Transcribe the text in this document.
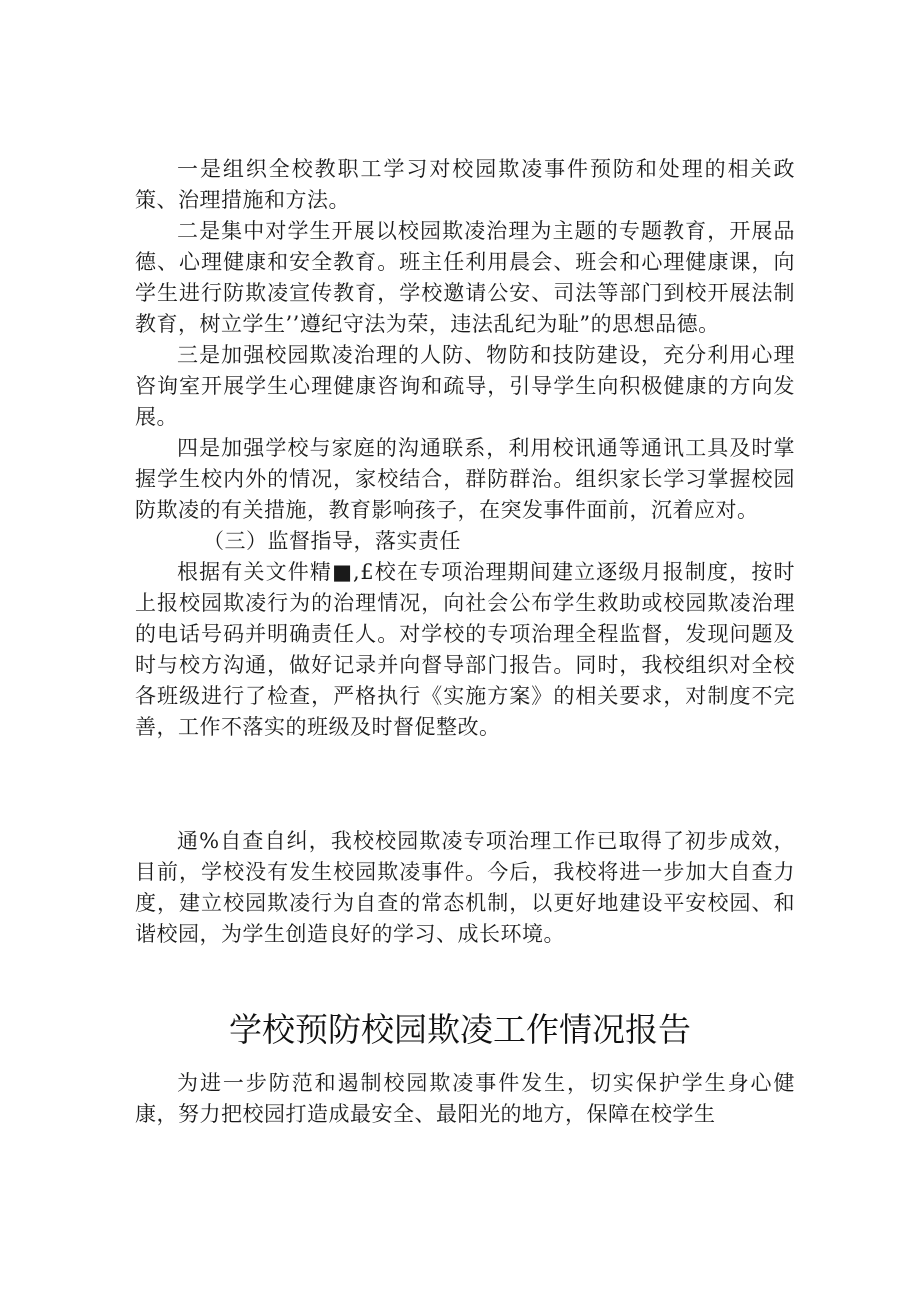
一是组织全校教职工学习对校园欺凌事件预防和处理的相关政策、治理措施和方法。

二是集中对学生开展以校园欺凌治理为主题的专题教育，开展品德、心理健康和安全教育。班主任利用晨会、班会和心理健康课，向学生进行防欺凌宣传教育，学校邀请公安、司法等部门到校开展法制教育，树立学生’’遵纪守法为荣，违法乱纪为耻”的思想品德。

三是加强校园欺凌治理的人防、物防和技防建设，充分利用心理咨询室开展学生心理健康咨询和疏导，引导学生向积极健康的方向发展。

四是加强学校与家庭的沟通联系，利用校讯通等通讯工具及时掌握学生校内外的情况，家校结合，群防群治。组织家长学习掌握校园防欺凌的有关措施，教育影响孩子，在突发事件面前，沉着应对。

（三）监督指导，落实责任

根据有关文件精■,£校在专项治理期间建立逐级月报制度，按时上报校园欺凌行为的治理情况，向社会公布学生救助或校园欺凌治理的电话号码并明确责任人。对学校的专项治理全程监督，发现问题及时与校方沟通，做好记录并向督导部门报告。同时，我校组织对全校各班级进行了检查，严格执行《实施方案》的相关要求，对制度不完善，工作不落实的班级及时督促整改。

通%自查自纠，我校校园欺凌专项治理工作已取得了初步成效，目前，学校没有发生校园欺凌事件。今后，我校将进一步加大自查力度，建立校园欺凌行为自查的常态机制，以更好地建设平安校园、和谐校园，为学生创造良好的学习、成长环境。

学校预防校园欺凌工作情况报告

为进一步防范和遏制校园欺凌事件发生，切实保护学生身心健康，努力把校园打造成最安全、最阳光的地方，保障在校学生
